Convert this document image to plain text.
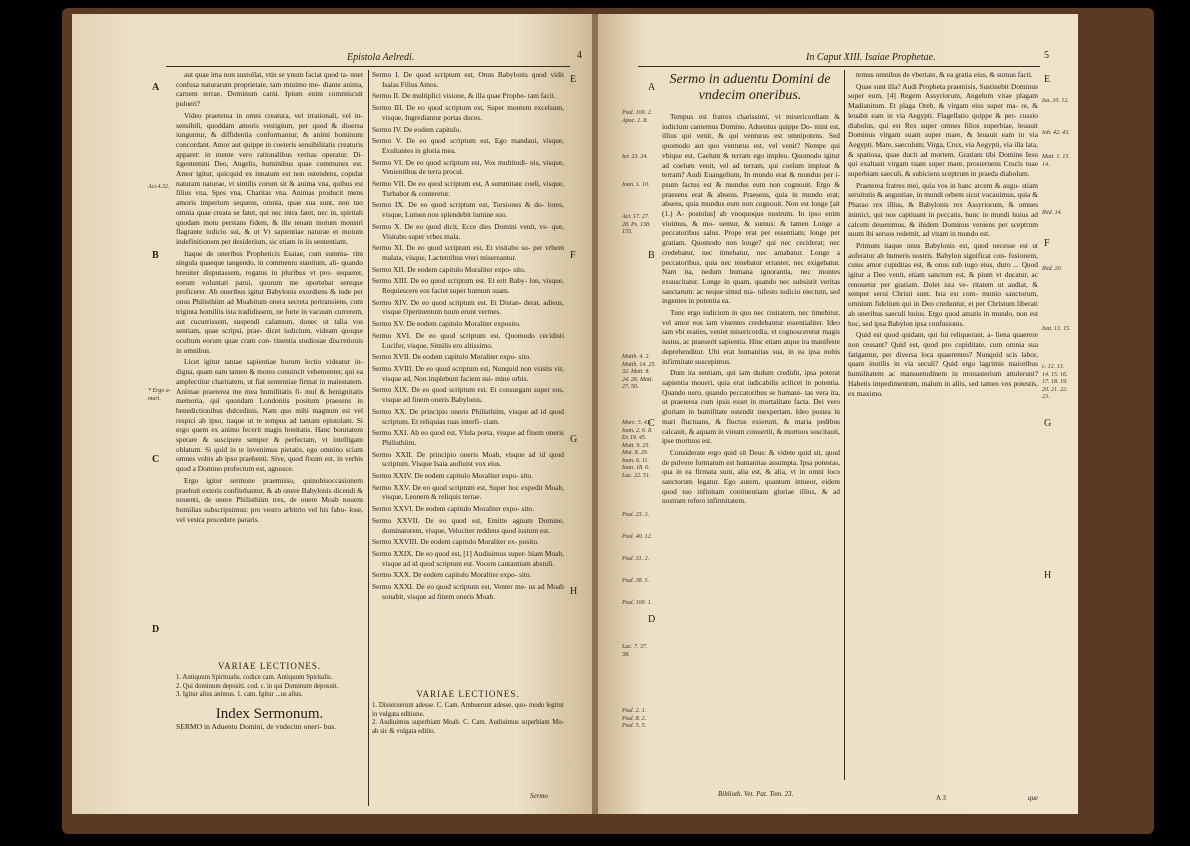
Epistola Aelredi.	4
A
B
C
D
Act.4.32.
* Ergo a- mari.

aut quae ima non sustollat, vtin se ynum faciat quod ta- nnet confusa naturarum proprietate, tam minimo me- diante anima, carnem terrae, Dominum carni. Ipium enim commiscuit pulueri?

Video praeterea in omni creatura, vel irrationali, vel in- sensibili, quoddam amoris vestigium, per quod & diuersa iunguntur, & diffidentia conformantur, & animi hominum concordant. Amor aut quippe in coeteris sensibilitatis creaturis apparet: in mente vero rationalibus veritas operatur. Di- ligentemini Deo, Angelis, hominibus quae communes est. Amor igitur, quicquid ex innatum est non ostendens, copulat naturam naturae, vt similis corum sit & anima vna, quibus est filius vna, Spes vna, Charitas vna. Animas producit mens amoris imperium sequens, omnia, quae sua sunt, non tuo omnia quae creata se fatet, qui nec intra fatet, nec in, spiritali quodam motu perstans fidem, & ille tenam motum monstri flagrante iudicio sui, & ut Vt sapientiae naturae et motum indefinitionem per desiderium, sic etiam in iis sententiam.

Itaque de oneribus Propheticis Esaiae, cum summa- tim singula quaeque tangendo, in commentu stantium, ali- quando breuiter disputassem, rogatus in pluribus vt pro- sequerer, eorum voluntati parui, quorum me oportebat sereque proficerer. Ab oneribus igitur Babylonis exordiens & inde per onus Philisthiim ad Moabitum onera secreta pertransiens, cum triginta homiliis ista tradidissem, ne forte in vacuum currerem, aut cucurrissem, suspendi calamum, donec ut talia vos sentiam, quae scripsi, prae- dicet iudicium, videam quoque ocultum eorum quae cram con- tinentia studiosae discretionis in omnibus.

Licet igitur tantae sapientiae horum lectio videatur in- digna, quam eam tamen & mores conuincit vehementer, qui ea amplectitur charitatem, ut fiat sententiae firmat in maiestatem. Animae praeterea me mea humilitatis fi- mul & benignitatis memoria, qui quondam Londoniis positum praesens in benedictionibus dulcedinis. Nam quo mihi magnum est vel respici ab ipso, itaque ut te tempus ad tantam epistolam. Si ergo quem ex animo fecerit magis bonitatis. Hanc bonitatem sperare & suscipere semper & perfectam, vt intelligam oblatum. Si quid in te invenimus pietatis, ego omnino sciam omnes vobis ab ipso praebenti. Sive, quod fixum est, in verbis quod a Domino profectum est, agnosce.

Ergo igitur sermone praemisso, quinobisoccasionem praebuit exteris confitebantur, & ab onere Babylonis dicendi & nouenti, de onere Philisthiim tres, de onere Moab nouem homilias subscripsimus: pro vestro arbitrio vel his fabu- lose, vel vestra procedere pararis.

VARIAE LECTIONES.
1. Antiquum Spiritualis. codice cam. Antiquum Spiritalis.
2. Qui dominum depositi. cod. c. in qui Dominum deposuit.
3. Igitur alius animus. 1. cam. Igitur ...us alius.
Index Sermonum.
SERMO in Aduentu Domini, de vndecim oneri- bus.
Sermo I. De quod scriptum est, Onus Babylonis quod vidit Isaias Filius Amos.
Sermo II. De multiplici visione, & illa quae Prophe- tam facit.
Sermo III. De eo quod scriptum est, Super montem excelsum, visque, Ingrediantur portas duces.
Sermo IV. De eodem capitulo.
Sermo V. De eo quod scriptum est, Ego mandaui, visque, Exultantes in gloria mea.
Sermo VI. De eo quod scriptum est, Vox multitudi- nis, visque, Venientibus de terra procul.
Sermo VII. De eo quod scriptum est, A summitate coeli, visque, Turbabor & conteretur.
Sermo IX. De eo quod scriptum est, Torsiones & do- lores, visque, Lumen non splendebit lumine suo.
Sermo X. De eo quod dicit, Ecce dies Domini venit, vs- que, Visitabo super vrbes mala.
Sermo XI. De eo quod scriptum est, Et visitabo su- per vrbem malata, visque, Lactentibus vteri misereantur.
Sermo XII. De eodem capitulo Moraliter expo- sito.
Sermo XIII. De eo quod scriptum est. Et erit Baby- lon, visque, Requiescere eos faciet super humum suam.
Sermo XIV. De eo quod scriptum est. Et Distan- derat. adieus, visque Operinentum tuum erunt vermes.
Sermo XV. De eodem capitulo Moraliter exposito.
Sermo XVI. De eo quod scriptum est. Quomodo cecidisti Lucifer, visque, Similis ero altissimo.
Sermo XVII. De eodem capitulo Moraliter expo- sito.
Sermo XVIII. De eo quod scriptum est, Nunquid non vsistis vir, visque ad, Non implebunt faciem sui- mine orbis.
Sermo XIX. De eo quod scriptum est. Et consurgam super eos, visque ad finem oneris Babylonis.
Sermo XX. De principio oneris Philisthiim, visque ad id quod scriptum. Et reliquias tuas interfi- ciam.
Sermo XXI. Ab eo quod est, Vlula porta, visque ad finem oneris Philisthiim.
Sermo XXII. De principio oneris Moab, visque ad id quod scriptum. Visque Isaia audiuist vox eius.
Sermo XXIV. De eodem capitulo Moraliter expo- sito.
Sermo XXV. De eo quod scriptum est, Super hoc expedit Moab, visque, Leonem & reliquis terrae.
Sermo XXVI. De eodem capitulo Moraliter expo- sito.
Sermo XXVII. De eo quod est, Emitte agnum Domine, dominatorem, visque, Velociter reddens quod iustum est.
Sermo XXVIII. De eodem capitulo Moraliter ex- posito.
Sermo XXIX. De eo quod est, [1] Audiuimus super- biam Moab, visque ad id quod scriptum est. Vocem cantantium abstuli.
Sermo XXX. De eodem capitulo Moraliter expo- sito.
Sermo XXXI. De eo quod scriptum est, Venter me- us ad Moab sonabit, visque ad finem oneris Moab.
VARIAE LECTIONES.
1. Disseruerunt adesse. C. Cam. Ambuerunt adesse, quo- modo legitur in vulgata editione.
2. Audiuimus superbiam Moab. C. Cam. Audiuimus superbiam Mo- ab sic & vulgata editio.
E
F
G
H
Sermo
In Caput XIII. Isaiae Prophetae.	5
A
B
C
D
Psal. 100. 2. Apoc. 1. 8.
Ier. 23. 24.
Ioan. 1. 10.
Act. 17. 27. 28. Ps. 138. 155.
Matth. 4. 2. Matth. 14. 25. 32. Matt. 8. 24. 26. Matt. 27. 50.
Marc. 5. 41. Ioan. 2. 6. 8. Ex 19. 45. Matt. 9. 25. Mat. 8. 29. Ioan. 6. 11. Ioan. 18. 6. Luc. 22. 51.
Psal. 23. 3.
Psal. 40. 12.
Psal. 31. 2.
Psal. 38. 5.
Psal. 100. 1.
Luc. 7. 37. 38.
Psal. 2. 1. Psal. 8. 2. Psal. 5. 5.
Sermo in aduentu Domini de vndecim oneribus.

Tempus est fratres charissimi, vt misericordiam & iudicium cantemus Domino. Aduentus quippe Do- mini est, illius qui venit, & qui venturus est omnipotens. Sed quomodo aut quo venturus est, vel venit? Nempe qui vbique est, Caelum & terram ego impleo. Quomodo igitur ad coelum venit, vel ad terram, qui coelum impleat & terram? Audi Euangelium, In mundo erat & mundus per i- psum factus est & mundus eum non cognouit. Ergo & praesens erat & absens. Praesens, quia in mundo erat; absens, quia mundus eum non cognouit. Non est longe [ait (1.) A- postolus] ab vnoquoque nostrum. In ipso enim viuimus, & mo- uemur, & sumus: & tamen Longe a peccatoribus salus. Prope erat per essentiam; longe per gratiam. Quomodo non longe? qui nec ceciderat; nec credebatur, nec timebatur, nec amabatur. Longe a peccatoribus, quia nec tenebatur erranter, nec exigebatur. Nam ita, nedum humana ignorantia, nec montes exsuscitatur. Longe in quam, quando nec subsistit veritas sanctarum: ac neque simul ma- nifesto iudicio eiectum, sed ingentes in potentia ea.

Tunc ergo iudicium in quo nec ciuitatem, nec timebitur, vel amor eos iam viuentes credebantur essentialiter. Ideo iam vbi eraties, veniet misericordia, vt cognosceretur magis iustus, ac praeserit sapientia. Hinc etiam atque ira manifeste deprehenditur. Ubi erat humanitas sua, in ea ipsa nobis infirmitate suscepimus.

Dum ita sentiam, qui iam dudum credidit, ipsa poterat sapientia moueri, quia erat iudicabilis scilicet in potentia. Quando uero, quando peccatoribus se humani- tas vera ita, ut praeterea cum ipsis esset in mortalitate facta. Dei vero gloriam in humilitate ostendit inexpertam. Ideo postea in mari fluctuans, & fluctus exierunt, & maria pedibus calcauit, & aquam in vinum conuertit, & mortuos suscitauit, ipse mortuus est.

Considerate ergo quid sit Deus: & videte quid sit, quod de pulvere formatum est humanitas assumpta. Ipsa potestas, qua in ea firmata sunt, alia est, & alia, vt in omni loco sanctorum legatur. Ego autem, quantum intueor, eidem quod tuo infinitam continentiam gloriae illius, & ad nostram refero infirmitatem.

temus omnibus de vbertate, & ea gratia eius, & sumus facti.

Quae sunt illa? Audi Propheta praemisis, Sustinebit Dominus super eum, [4] Regem Assyriorum, Angelum vitae plagam Madianitum. Et plaga Oreb, & virgam eius super ma- re, & leuabit eam in via Aegypti. Flagellatio quippe & per- cussio diabolus, qui est Rex super omnes filios superbiae, leuauit Dominus virgam suam super mare, & leuauit eam in via Aegypti. Mare, saeculum; Virga, Crux, via Aegypti, via illa lata, & spatiosa, quae ducit ad mortem. Gratiam tibi Domine Iesu qui exaltasti virgam tuam super mare, prosternens Crucis tuae superbiam saeculi, & subiciens sceptrum in praeda diabolum.

Praeterea fratres mei, quia vos in hanc arcem & augu- stiam seruitutis & angustiae, in mundi orbem sicut vocauimus, quia & Pharao rex illius, & Babylonis rex Assyriorum, & omnes inimici, qui nos captiuant in peccatis, hunc in mundi huius ad calcem deuenimus, & ibidem Dominus veniens per sceptrum suum ibi seruos redemit, ad vitam in mundo est.

Primum itaque onus Babylonis est, quod necesse est ut auferatur ab humeris nostris. Babylon significat con- fusionem, cuius amor cupiditas est, & onus sub iugo eius, duro ... Quod igitur a Deo venit, etiam sanctum est, & pium vt ducatur, ac renouetur per gratiam. Dolet ista ve- ritatem ut audiat, & semper serui Christi sunt. Ista est com- munio sanctorum, omnium fidelium qui in Deo creduntur, et per Christum liberati ab oneribus saeculi huius. Ergo quod amatis in mundo, non est hoc, sed ipsa Babylon ipsa confusionis.

Quid est quod quidam, qui fui reliquerant, a- liena quaerere non cessant? Quid est, quod pro cupiditate, cum omnia sua fatigantur, per diversa loca quaerentes? Nunquid scis labor, quam inutilis in via seculi? Quid ergo lagrimis maioribus humilitatem ac mansuetudinem in monasterium attulerunt? Habetis impedimentum, malum in aliis, sed tamen vos potestis, ex maximo.

E
F
G
H
Isa. 10. 12.
Ioh. 42. 43.
Matt. 1. 13. 14.
Ibid. 14.
Ibid. 20.
Isai. 13. 15.
c. 12. 13. 14. 15. 16. 17. 18. 19. 20. 21. 22. 23.
Biblioth. Vet. Pat. Tom. 23.	A 3	que
